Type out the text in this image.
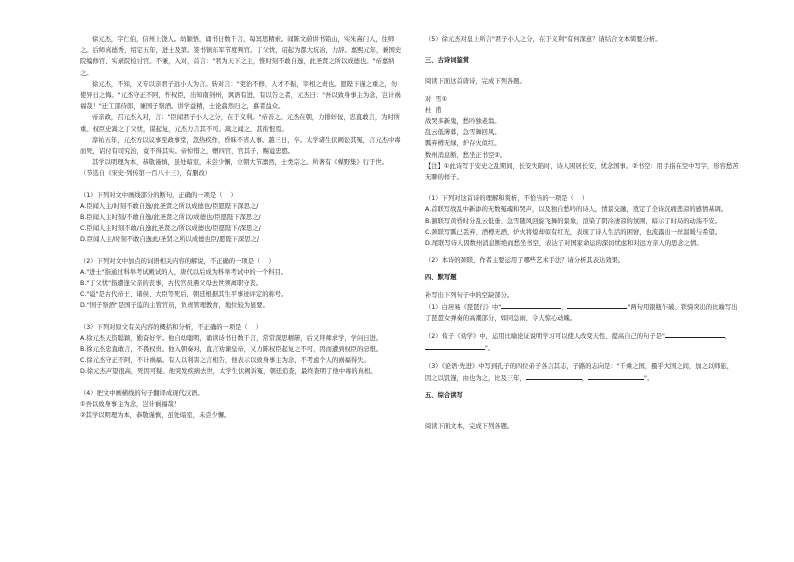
徐元杰，字仁伯，信州上饶人。幼颖悟，诵书日数千言，每冥思精索。闻陈文蔚讲书铅山，实朱熹门人，往师之。后师真德秀，绍定五年，进士及第。签书镇东军节度判官。丁父忧，诏起为都大坑冶，力辞。嘉熙元年，兼国史院编修官、实录院检讨官。不兼，入对，首言："君为天下之主，惟时刻不敢自逸，此圣贤之所以成德也。"帝嘉纳之。

徐元杰，不知，又专以亲君子远小人为言。转对言："吏治不修，人才不振，宰相之责也。愿陛下谨之重之，勿使异日之悔。"元杰守正不阿，忤权臣，出知南剑州，讽语有进，有以告之者，元杰曰："吾以致身事主为念，岂计祸福哉！"迁工部侍郎，兼国子祭酒。讲学益精，士论翕然归之，慕者益众。

帝亲政，召元杰入对，言："臣闻君子小人之分，在于义利。"帝善之。元杰在朝，力排奸佞，忠直敢言，为时所重。权臣史嵩之丁父忧，谋起复，元杰力言其不可。嵩之闻之，甚衔恨焉。

淳祐五年，元杰方以议事至政事堂，忽热疾作，昏昧不省人事。越三日，卒。太学诸生伏阙讼其冤，言元杰中毒而死，诏付有司究治，竟不得其实。帝悼惜之，赠四官，官其子，赐谥忠愍。

其学以明理为本，恭敬谨慎，虽处暗室，未尝少懈，立朝大节凛然，士类宗之。所著有《楳野集》行于世。

（节选自《宋史·列传第一百八十三》，有删改）

（1）下列对文中画线部分的断句，正确的一项是（    ）

A.臣闻人主/时刻不敢自逸/此圣贤之所以成德也/臣愿陛下深思之/

B.臣闻人主时刻/不敢自逸/此圣贤之所以/成德也/臣愿陛下深思之/

C.臣闻人主时刻不敢/自逸此圣贤之/所以成德也/臣愿陛下/深思之/

D.臣闻人主/时刻不敢自逸此/圣贤之所以成德也臣/愿陛下深思之/

（2）下列对文中加点的词语相关内容的解说，不正确的一项是（    ）

A."进士"指通过科举考试殿试的人，唐代以后成为科举考试中的一个科目。

B."丁父忧"指遭逢父亲的丧事，古代官员遇父母去世须离职守丧。

C."谥"是古代帝王、诸侯、大臣等死后，朝廷根据其生平事迹评定的称号。

D."国子祭酒"是国子监的主管官员，负责管理教育，地位较为显要。

（3）下列对原文有关内容的概括和分析，不正确的一项是（    ）

A.徐元杰天资聪颖，勤奋好学。他自幼聪明，诵读诗书日数千言，常常深思精研，后又拜师求学，学问日进。

B.徐元杰忠直敢言，不畏权贵。他入朝奏对，直言劝谏皇帝，又力陈权臣起复之不可，因而遭到权臣的忌恨。

C.徐元杰守正不阿，不计祸福。有人以利害之言相告，他表示以致身事主为念，不考虑个人的祸福得失。

D.徐元杰声望很高，死因可疑。他突发疾病去世，太学生伏阙诉冤，朝廷追查，最终查明了他中毒的真相。

（4）把文中画横线的句子翻译成现代汉语。

①吾以致身事主为念，岂计祸福哉！

②其学以明理为本，恭敬谨慎，虽处暗室，未尝少懈。

（5）徐元杰对皇上所言"君子小人之分，在于义利"有何深意？请结合文本简要分析。

三、古诗词鉴赏

阅读下面这首唐诗，完成下列各题。

对  雪①

杜  甫

战哭多新鬼，愁吟独老翁。

乱云低薄暮，急雪舞回风。

瓢弃樽无绿，炉存火似红。

数州消息断，愁坐正书空②。

【注】①此诗写于安史之乱期间，长安失陷时，诗人困居长安，忧念国事。②书空：用手指在空中写字，形容愁苦无聊的样子。

（1）下列对这首诗的理解和赏析，不恰当的一项是（    ）

A.首联写战乱中新添的无数冤魂和哭声，以及独自愁吟的诗人，情景交融，奠定了全诗沉痛悲凉的感情基调。

B.颔联写黄昏时分乱云低垂、急雪随风回旋飞舞的景象，渲染了阴冷凄凉的氛围，暗示了时局的动荡不安。

C.颈联写瓢已丢弃、酒樽无酒，炉火将熄却似有红光，表现了诗人生活的困窘，也流露出一丝温暖与希望。

D.尾联写诗人因数州消息断绝而愁坐书空，表达了对国家命运的深切忧虑和对远方亲人的思念之情。

（2）本诗的颈联，作者主要运用了哪些艺术手法？请分析其表达效果。

四、默写题

补写出下列句子中的空缺部分。

（1）白居易《琵琶行》中"	，	"两句用银瓶乍破、铁骑突出的比喻写出了琵琶女弹奏的高潮部分，如同急雨，令人惊心动魄。

（2）荀子《劝学》中，运用比喻论证说明学习可以使人改变天性、提高自己的句子是"	，"。

（3）《论语·先进》中写到孔子的四位弟子各言其志，子路的志向是："千乘之国，摄乎大国之间，加之以师旅，因之以饥馑，由也为之，比及三年，	，	"。

五、综合读写

阅读下面文本，完成下列各题。
